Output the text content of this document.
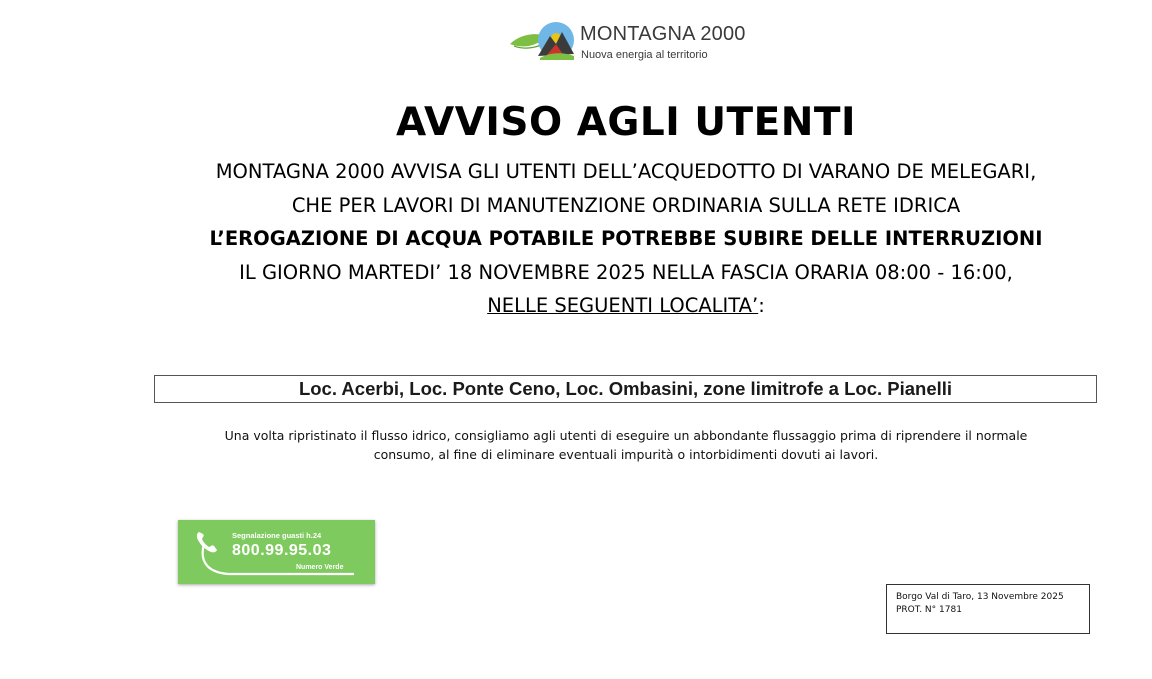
MONTAGNA 2000
Nuova energia al territorio
AVVISO AGLI UTENTI
MONTAGNA 2000 AVVISA GLI UTENTI DELL’ACQUEDOTTO DI VARANO DE MELEGARI,
CHE PER LAVORI DI MANUTENZIONE ORDINARIA SULLA RETE IDRICA
L’EROGAZIONE DI ACQUA POTABILE POTREBBE SUBIRE DELLE INTERRUZIONI
IL GIORNO MARTEDI’ 18 NOVEMBRE 2025 NELLA FASCIA ORARIA 08:00 - 16:00,
NELLE SEGUENTI LOCALITA’:
Loc. Acerbi, Loc. Ponte Ceno, Loc. Ombasini, zone limitrofe a Loc. Pianelli
Una volta ripristinato il flusso idrico, consigliamo agli utenti di eseguire un abbondante flussaggio prima di riprendere il normale
consumo, al fine di eliminare eventuali impurità o intorbidimenti dovuti ai lavori.
Segnalazione guasti h.24
800.99.95.03
Numero Verde
Borgo Val di Taro, 13 Novembre 2025
PROT. N° 1781
